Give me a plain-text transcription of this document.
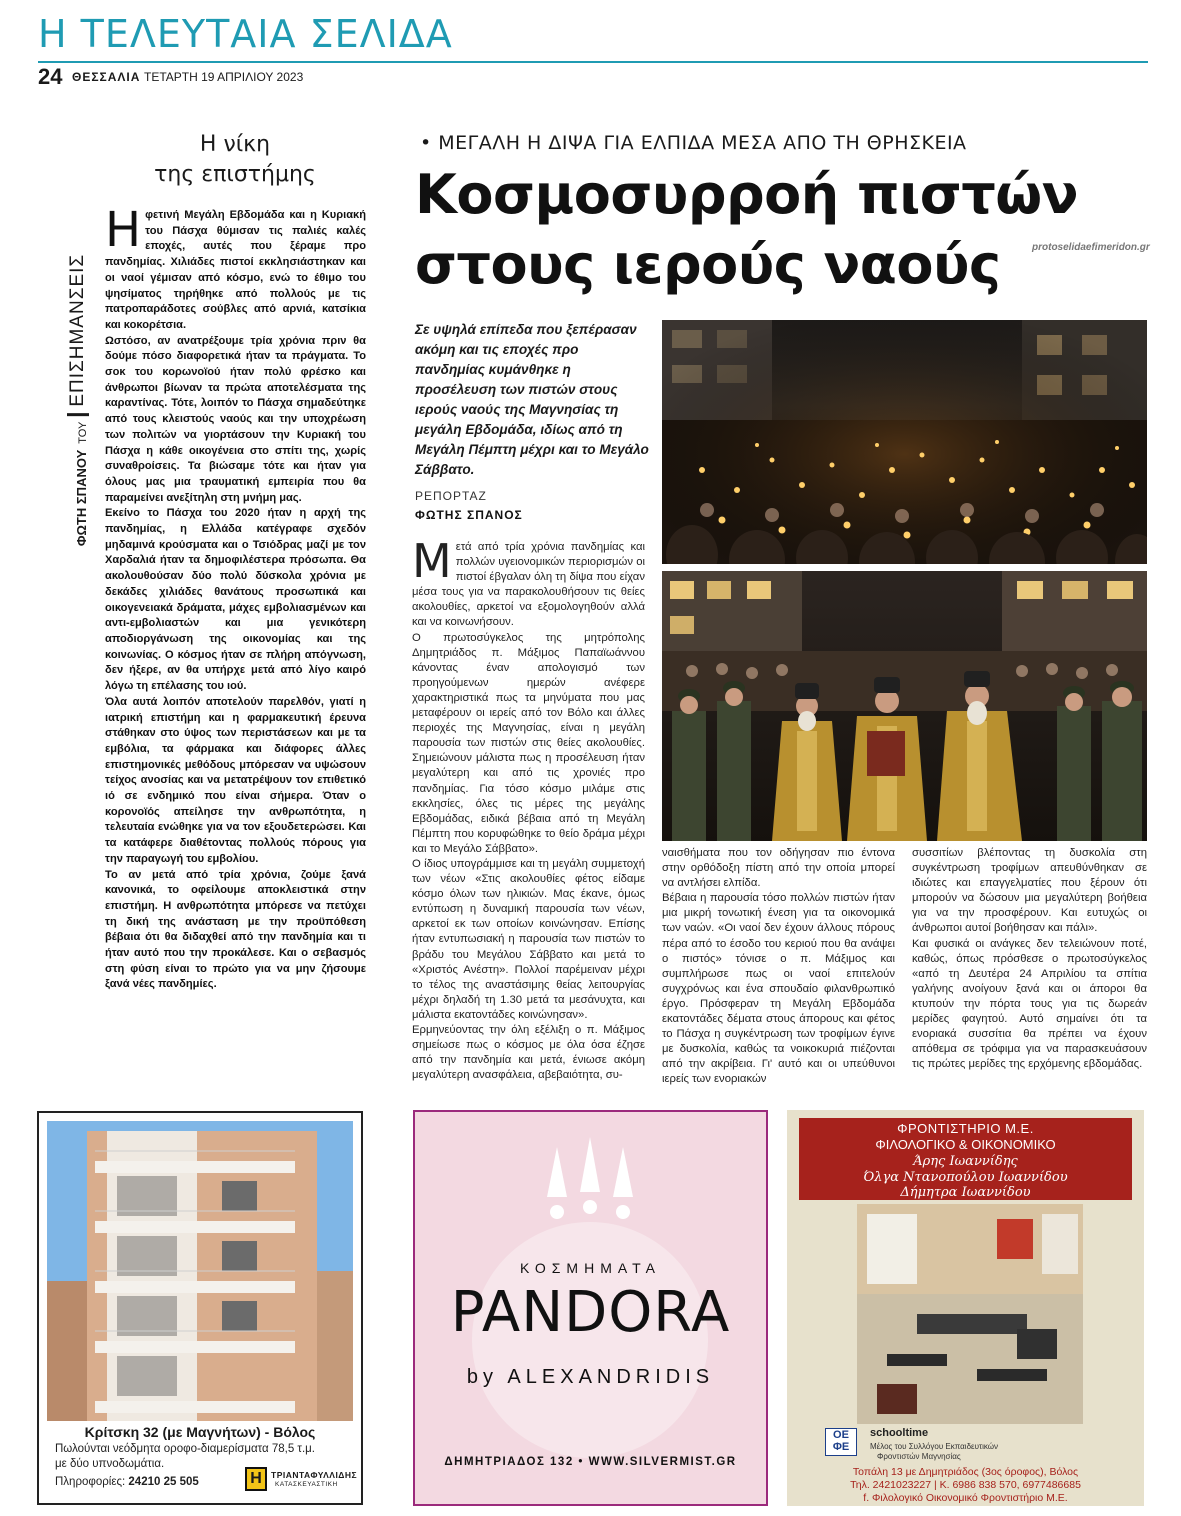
Η ΤΕΛΕΥΤΑΙΑ ΣΕΛΙΔΑ
24 ΘΕΣΣΑΛΙΑ ΤΕΤΑΡΤΗ 19 ΑΠΡΙΛΙΟΥ 2023
ΦΩΤΗ ΣΠΑΝΟΥ
ΤΟΥ
ΕΠΙΣΗΜΑΝΣΕΙΣ
Η νίκη
της επιστήμης

Η φετινή Μεγάλη Εβδομάδα και η Κυριακή του Πάσχα θύμισαν τις παλιές καλές εποχές, αυτές που ξέραμε προ πανδημίας. Χιλιάδες πιστοί εκκλησιάστηκαν και οι ναοί γέμισαν από κόσμο, ενώ το έθιμο του ψησίματος τηρήθηκε από πολλούς με τις πατροπαράδοτες σούβλες από αρνιά, κατσίκια και κοκορέτσια.

Ωστόσο, αν ανατρέξουμε τρία χρόνια πριν θα δούμε πόσο διαφορετικά ήταν τα πράγματα. Το σοκ του κορωνοϊού ήταν πολύ φρέσκο και άνθρωποι βίωναν τα πρώτα αποτελέσματα της καραντίνας. Τότε, λοιπόν το Πάσχα σημαδεύτηκε από τους κλειστούς ναούς και την υποχρέωση των πολιτών να γιορτάσουν την Κυριακή του Πάσχα η κάθε οικογένεια στο σπίτι της, χωρίς συναθροίσεις. Τα βιώσαμε τότε και ήταν για όλους μας μια τραυματική εμπειρία που θα παραμείνει ανεξίτηλη στη μνήμη μας.

Εκείνο το Πάσχα του 2020 ήταν η αρχή της πανδημίας, η Ελλάδα κατέγραφε σχεδόν μηδαμινά κρούσματα και ο Τσιόδρας μαζί με τον Χαρδαλιά ήταν τα δημοφιλέστερα πρόσωπα. Θα ακολουθούσαν δύο πολύ δύσκολα χρόνια με δεκάδες χιλιάδες θανάτους προσωπικά και οικογενειακά δράματα, μάχες εμβολιασμένων και αντι-εμβολιαστών και μια γενικότερη αποδιοργάνωση της οικονομίας και της κοινωνίας. Ο κόσμος ήταν σε πλήρη απόγνωση, δεν ήξερε, αν θα υπήρχε μετά από λίγο καιρό λόγω τη επέλασης του ιού.

Όλα αυτά λοιπόν αποτελούν παρελθόν, γιατί η ιατρική επιστήμη και η φαρμακευτική έρευνα στάθηκαν στο ύψος των περιστάσεων και με τα εμβόλια, τα φάρμακα και διάφορες άλλες επιστημονικές μεθόδους μπόρεσαν να υψώσουν τείχος ανοσίας και να μετατρέψουν τον επιθετικό ιό σε ενδημικό που είναι σήμερα. Όταν ο κορονοϊός απείλησε την ανθρωπότητα, η τελευταία ενώθηκε για να τον εξουδετερώσει. Και τα κατάφερε διαθέτοντας πολλούς πόρους για την παραγωγή του εμβολίου.

Το αν μετά από τρία χρόνια, ζούμε ξανά κανονικά, το οφείλουμε αποκλειστικά στην επιστήμη. Η ανθρωπότητα μπόρεσε να πετύχει τη δική της ανάσταση με την προϋπόθεση βέβαια ότι θα διδαχθεί από την πανδημία και τι ήταν αυτό που την προκάλεσε. Και ο σεβασμός στη φύση είναι το πρώτο για να μην ζήσουμε ξανά νέες πανδημίες.

• ΜΕΓΑΛΗ Η ΔΙΨΑ ΓΙΑ ΕΛΠΙΔΑ ΜΕΣΑ ΑΠΟ ΤΗ ΘΡΗΣΚΕΙΑ
Κοσμοσυρροή πιστών
στους ιερούς ναούς	protoselidaefimeridon.gr
Σε υψηλά επίπεδα που ξεπέρασαν ακόμη και τις εποχές προ πανδημίας κυμάνθηκε η προσέλευση των πιστών στους ιερούς ναούς της Μαγνησίας τη μεγάλη Εβδομάδα, ιδίως από τη Μεγάλη Πέμπτη μέχρι και το Μεγάλο Σάββατο.
ΡΕΠΟΡΤΑΖ
ΦΩΤΗΣ ΣΠΑΝΟΣ

Μετά από τρία χρόνια πανδημίας και πολλών υγειονομικών περιορισμών οι πιστοί έβγαλαν όλη τη δίψα που είχαν μέσα τους για να παρακολουθήσουν τις θείες ακολουθίες, αρκετοί να εξομολογηθούν αλλά και να κοινωνήσουν.

Ο πρωτοσύγκελος της μητρόπολης Δημητριάδος π. Μάξιμος Παπαϊωάννου κάνοντας έναν απολογισμό των προηγούμενων ημερών ανέφερε χαρακτηριστικά πως τα μηνύματα που μας μεταφέρουν οι ιερείς από τον Βόλο και άλλες περιοχές της Μαγνησίας, είναι η μεγάλη παρουσία των πιστών στις θείες ακολουθίες. Σημειώνουν μάλιστα πως η προσέλευση ήταν μεγαλύτερη και από τις χρονιές προ πανδημίας. Για τόσο κόσμο μιλάμε στις εκκλησίες, όλες τις μέρες της μεγάλης Εβδομάδας, ειδικά βέβαια από τη Μεγάλη Πέμπτη που κορυφώθηκε το θείο δράμα μέχρι και το Μεγάλο Σάββατο».

Ο ίδιος υπογράμμισε και τη μεγάλη συμμετοχή των νέων «Στις ακολουθίες φέτος είδαμε κόσμο όλων των ηλικιών. Μας έκανε, όμως εντύπωση η δυναμική παρουσία των νέων, αρκετοί εκ των οποίων κοινώνησαν. Επίσης ήταν εντυπωσιακή η παρουσία των πιστών το βράδυ του Μεγάλου Σάββατο και μετά το «Χριστός Ανέστη». Πολλοί παρέμειναν μέχρι το τέλος της αναστάσιμης θείας λειτουργίας μέχρι δηλαδή τη 1.30 μετά τα μεσάνυχτα, και μάλιστα εκατοντάδες κοινώνησαν».

Ερμηνεύοντας την όλη εξέλιξη ο π. Μάξιμος σημείωσε πως ο κόσμος με όλα όσα έζησε από την πανδημία και μετά, ένιωσε ακόμη μεγαλύτερη ανασφάλεια, αβεβαιότητα, συ-

ναισθήματα που τον οδήγησαν πιο έντονα στην ορθόδοξη πίστη από την οποία μπορεί να αντλήσει ελπίδα.

Βέβαια η παρουσία τόσο πολλών πιστών ήταν μια μικρή τονωτική ένεση για τα οικονομικά των ναών. «Οι ναοί δεν έχουν άλλους πόρους πέρα από το έσοδο του κεριού που θα ανάψει ο πιστός» τόνισε ο π. Μάξιμος και συμπλήρωσε πως οι ναοί επιτελούν συγχρόνως και ένα σπουδαίο φιλανθρωπικό έργο. Πρόσφεραν τη Μεγάλη Εβδομάδα εκατοντάδες δέματα στους άπορους και φέτος το Πάσχα η συγκέντρωση των τροφίμων έγινε με δυσκολία, καθώς τα νοικοκυριά πιέζονται από την ακρίβεια. Γι' αυτό και οι υπεύθυνοι ιερείς των ενοριακών

συσσιτίων βλέποντας τη δυσκολία στη συγκέντρωση τροφίμων απευθύνθηκαν σε ιδιώτες και επαγγελματίες που ξέρουν ότι μπορούν να δώσουν μια μεγαλύτερη βοήθεια για να την προσφέρουν. Και ευτυχώς οι άνθρωποι αυτοί βοήθησαν και πάλι».

Και φυσικά οι ανάγκες δεν τελειώνουν ποτέ, καθώς, όπως πρόσθεσε ο πρωτοσύγκελος «από τη Δευτέρα 24 Απριλίου τα σπίτια γαλήνης ανοίγουν ξανά και οι άποροι θα κτυπούν την πόρτα τους για τις δωρεάν μερίδες φαγητού. Αυτό σημαίνει ότι τα ενοριακά συσσίτια θα πρέπει να έχουν απόθεμα σε τρόφιμα για να παρασκευάσουν τις πρώτες μερίδες της ερχόμενης εβδομάδας.

Κρίτσκη 32 (με Μαγνήτων) - Βόλος
Πωλούνται νεόδμητα οροφο-διαμερίσματα 78,5 τ.μ.
με δύο υπνοδωμάτια.
Πληροφορίες: 24210 25 505	Η	ΤΡΙΑΝΤΑΦΥΛΛΙΔΗΣ
ΚΑΤΑΣΚΕΥΑΣΤΙΚΗ
ΚΟΣΜΗΜΑΤΑ
PANDORA
by ALEXANDRIDIS
ΔΗΜΗΤΡΙΑΔΟΣ 132 • WWW.SILVERMIST.GR
ΦΡΟΝΤΙΣΤΗΡΙΟ Μ.Ε.
ΦΙΛΟΛΟΓΙΚΟ & ΟΙΚΟΝΟΜΙΚΟ
Άρης Ιωαννίδης
Όλγα Ντανοπούλου Ιωαννίδου
Δήμητρα Ιωαννίδου
ΟΕ
ΦΕ
schooltime
Μέλος του Συλλόγου Εκπαιδευτικών
Φροντιστών Μαγνησίας
Τοπάλη 13 με Δημητριάδος (3ος όροφος), Βόλος
Τηλ. 2421023227 | Κ. 6986 838 570, 6977486685
f. Φιλολογικό Οικονομικό Φροντιστήριο Μ.Ε.
